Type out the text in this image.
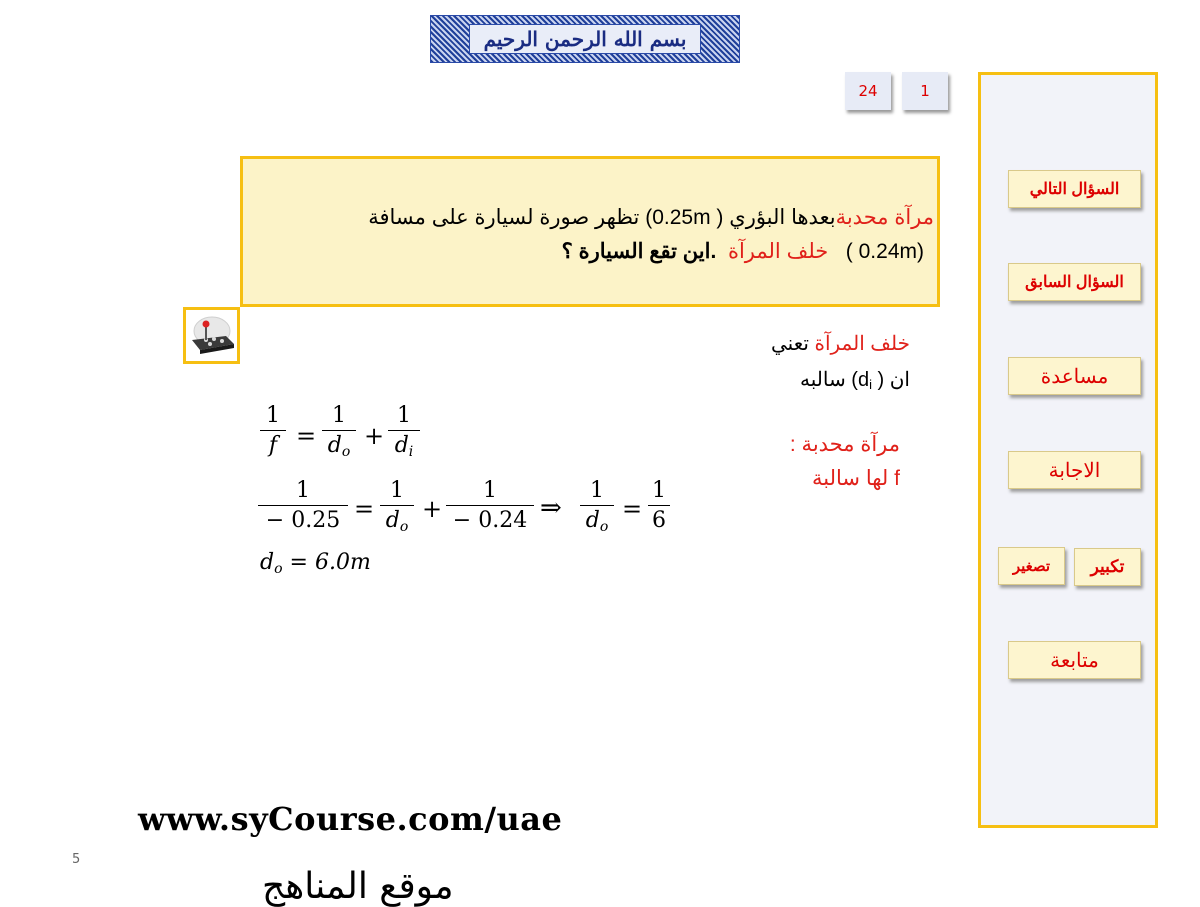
بسم الله الرحمن الرحيم
24	1
مرآة محدبةبعدها البؤري ( 0.25m) تظهر صورة لسيارة على مسافة
(0.24m )   خلف المرآة  .اين تقع السيارة ؟
خلف المرآة تعني
ان ( di) سالبه
مرآة محدبة :
f لها سالبة
1
f =
1
$d_o$
+
1
$d_i$
1
− 0.25 =
1
$d_o$
+
1
− 0.24 ⇒
1
$d_o$
=
1
6
$d_o = 6.0m$
السؤال التالي
السؤال السابق
مساعدة
الاجابة
تصغير	تكبير
متابعة
www.syCourse.com/uae
5
موقع المناهج
